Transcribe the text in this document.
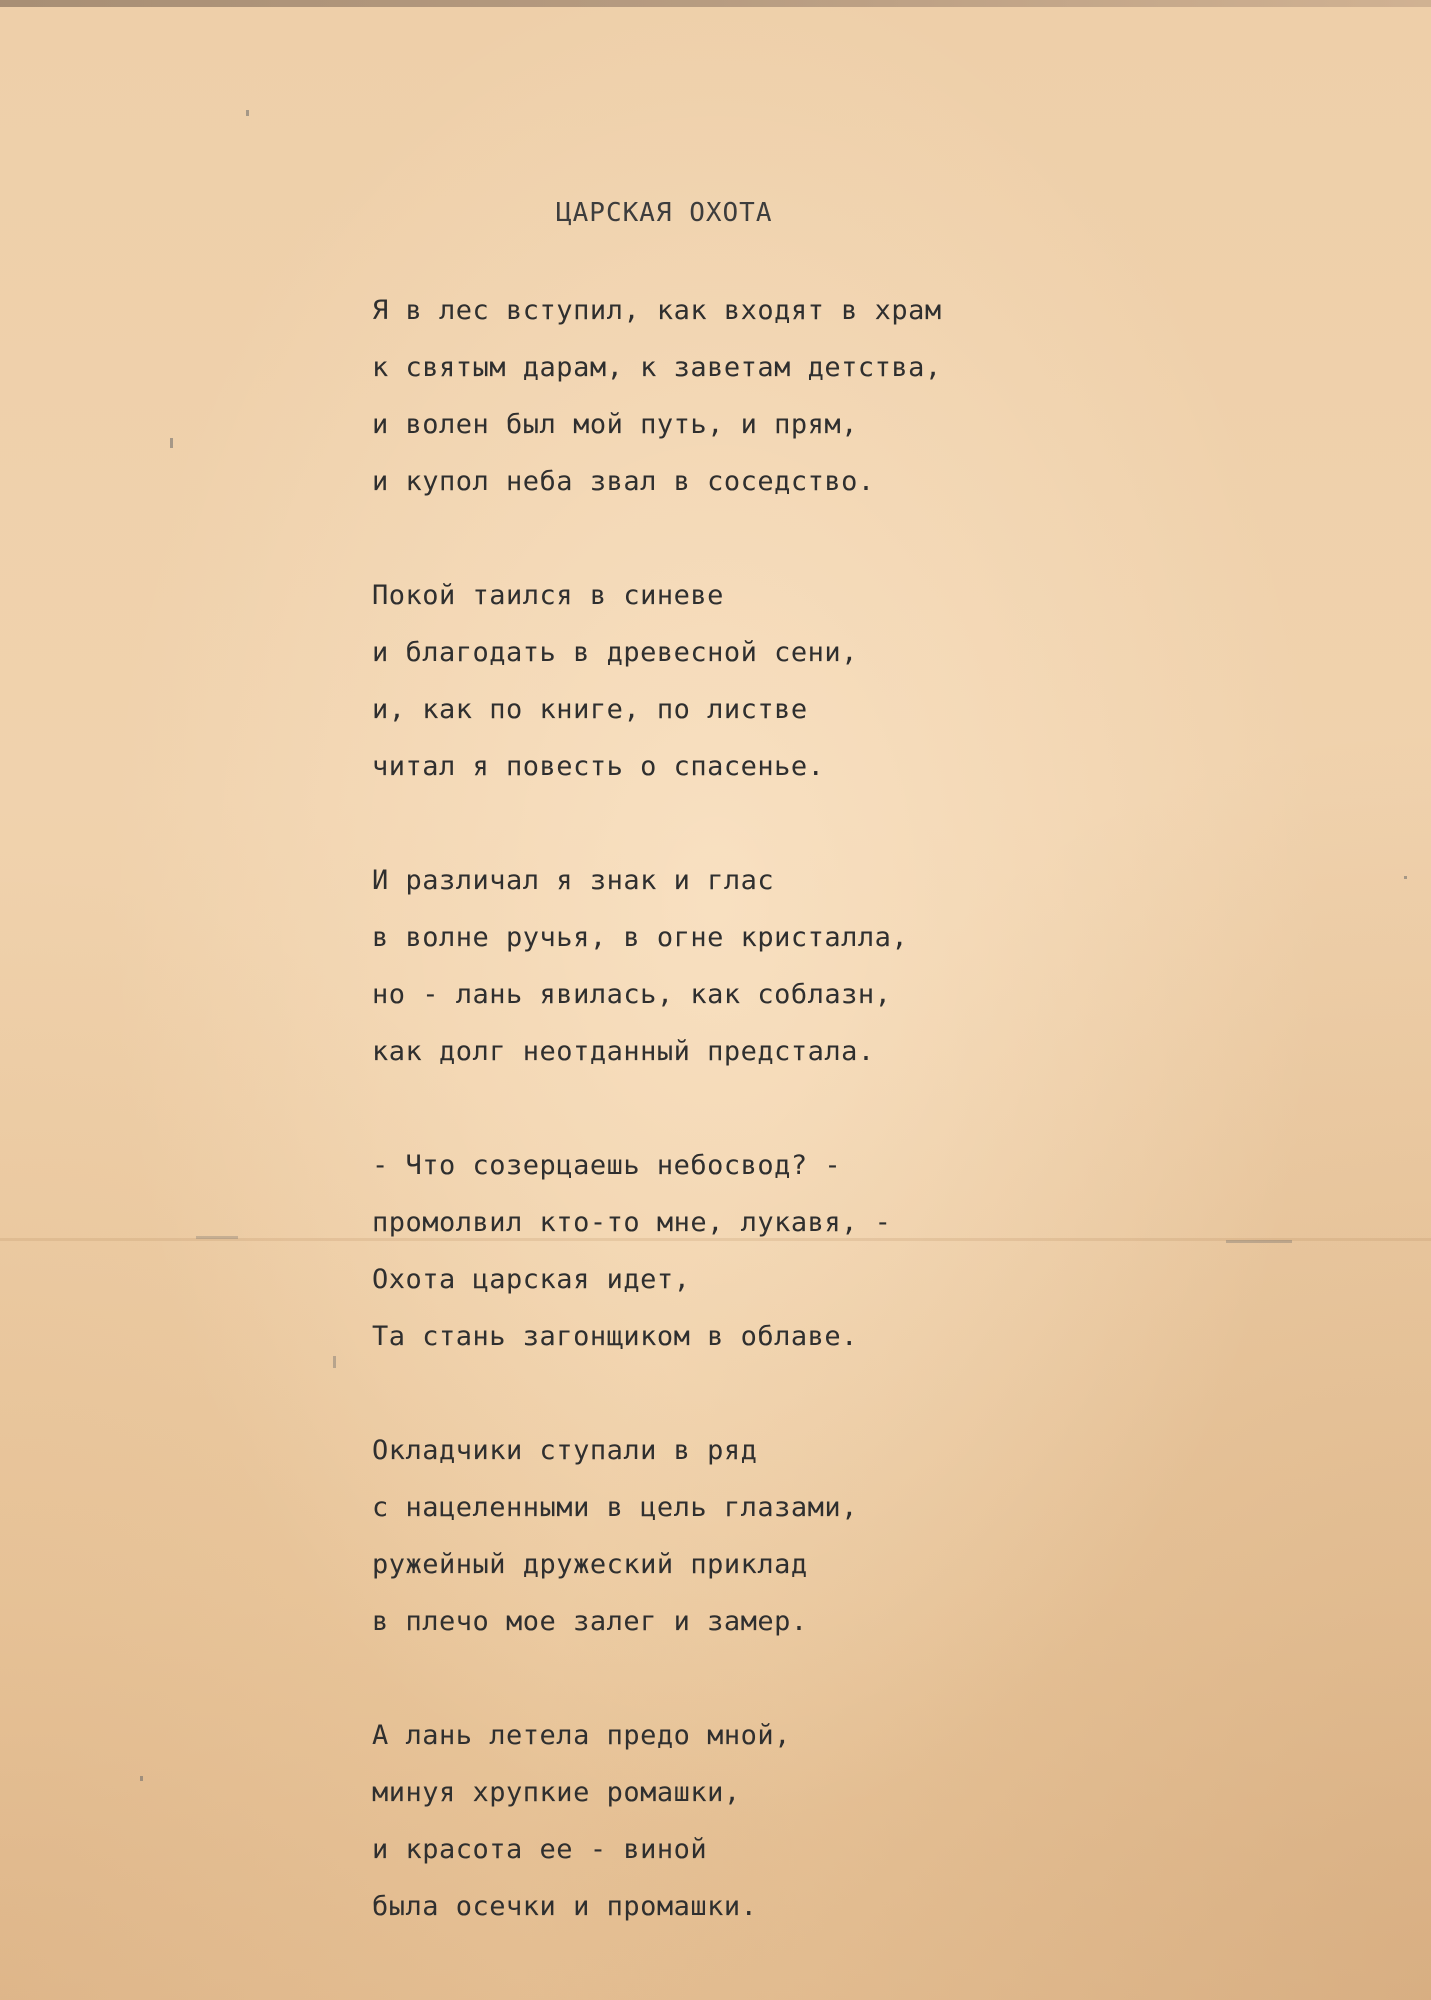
ЦАРСКАЯ ОХОТА
Я в лес вступил, как входят в храм
к святым дарам, к заветам детства,
и волен был мой путь, и прям,
и купол неба звал в соседство.
Покой таился в синеве
и благодать в древесной сени,
и, как по книге, по листве
читал я повесть о спасенье.
И различал я знак и глас
в волне ручья, в огне кристалла,
но - лань явилась, как соблазн,
как долг неотданный предстала.
- Что созерцаешь небосвод? -
промолвил кто-то мне, лукавя, -
Охота царская идет,
Та стань загонщиком в облаве.
Окладчики ступали в ряд
с нацеленными в цель глазами,
ружейный дружеский приклад
в плечо мое залег и замер.
А лань летела предо мной,
минуя хрупкие ромашки,
и красота ее - виной
была осечки и промашки.
